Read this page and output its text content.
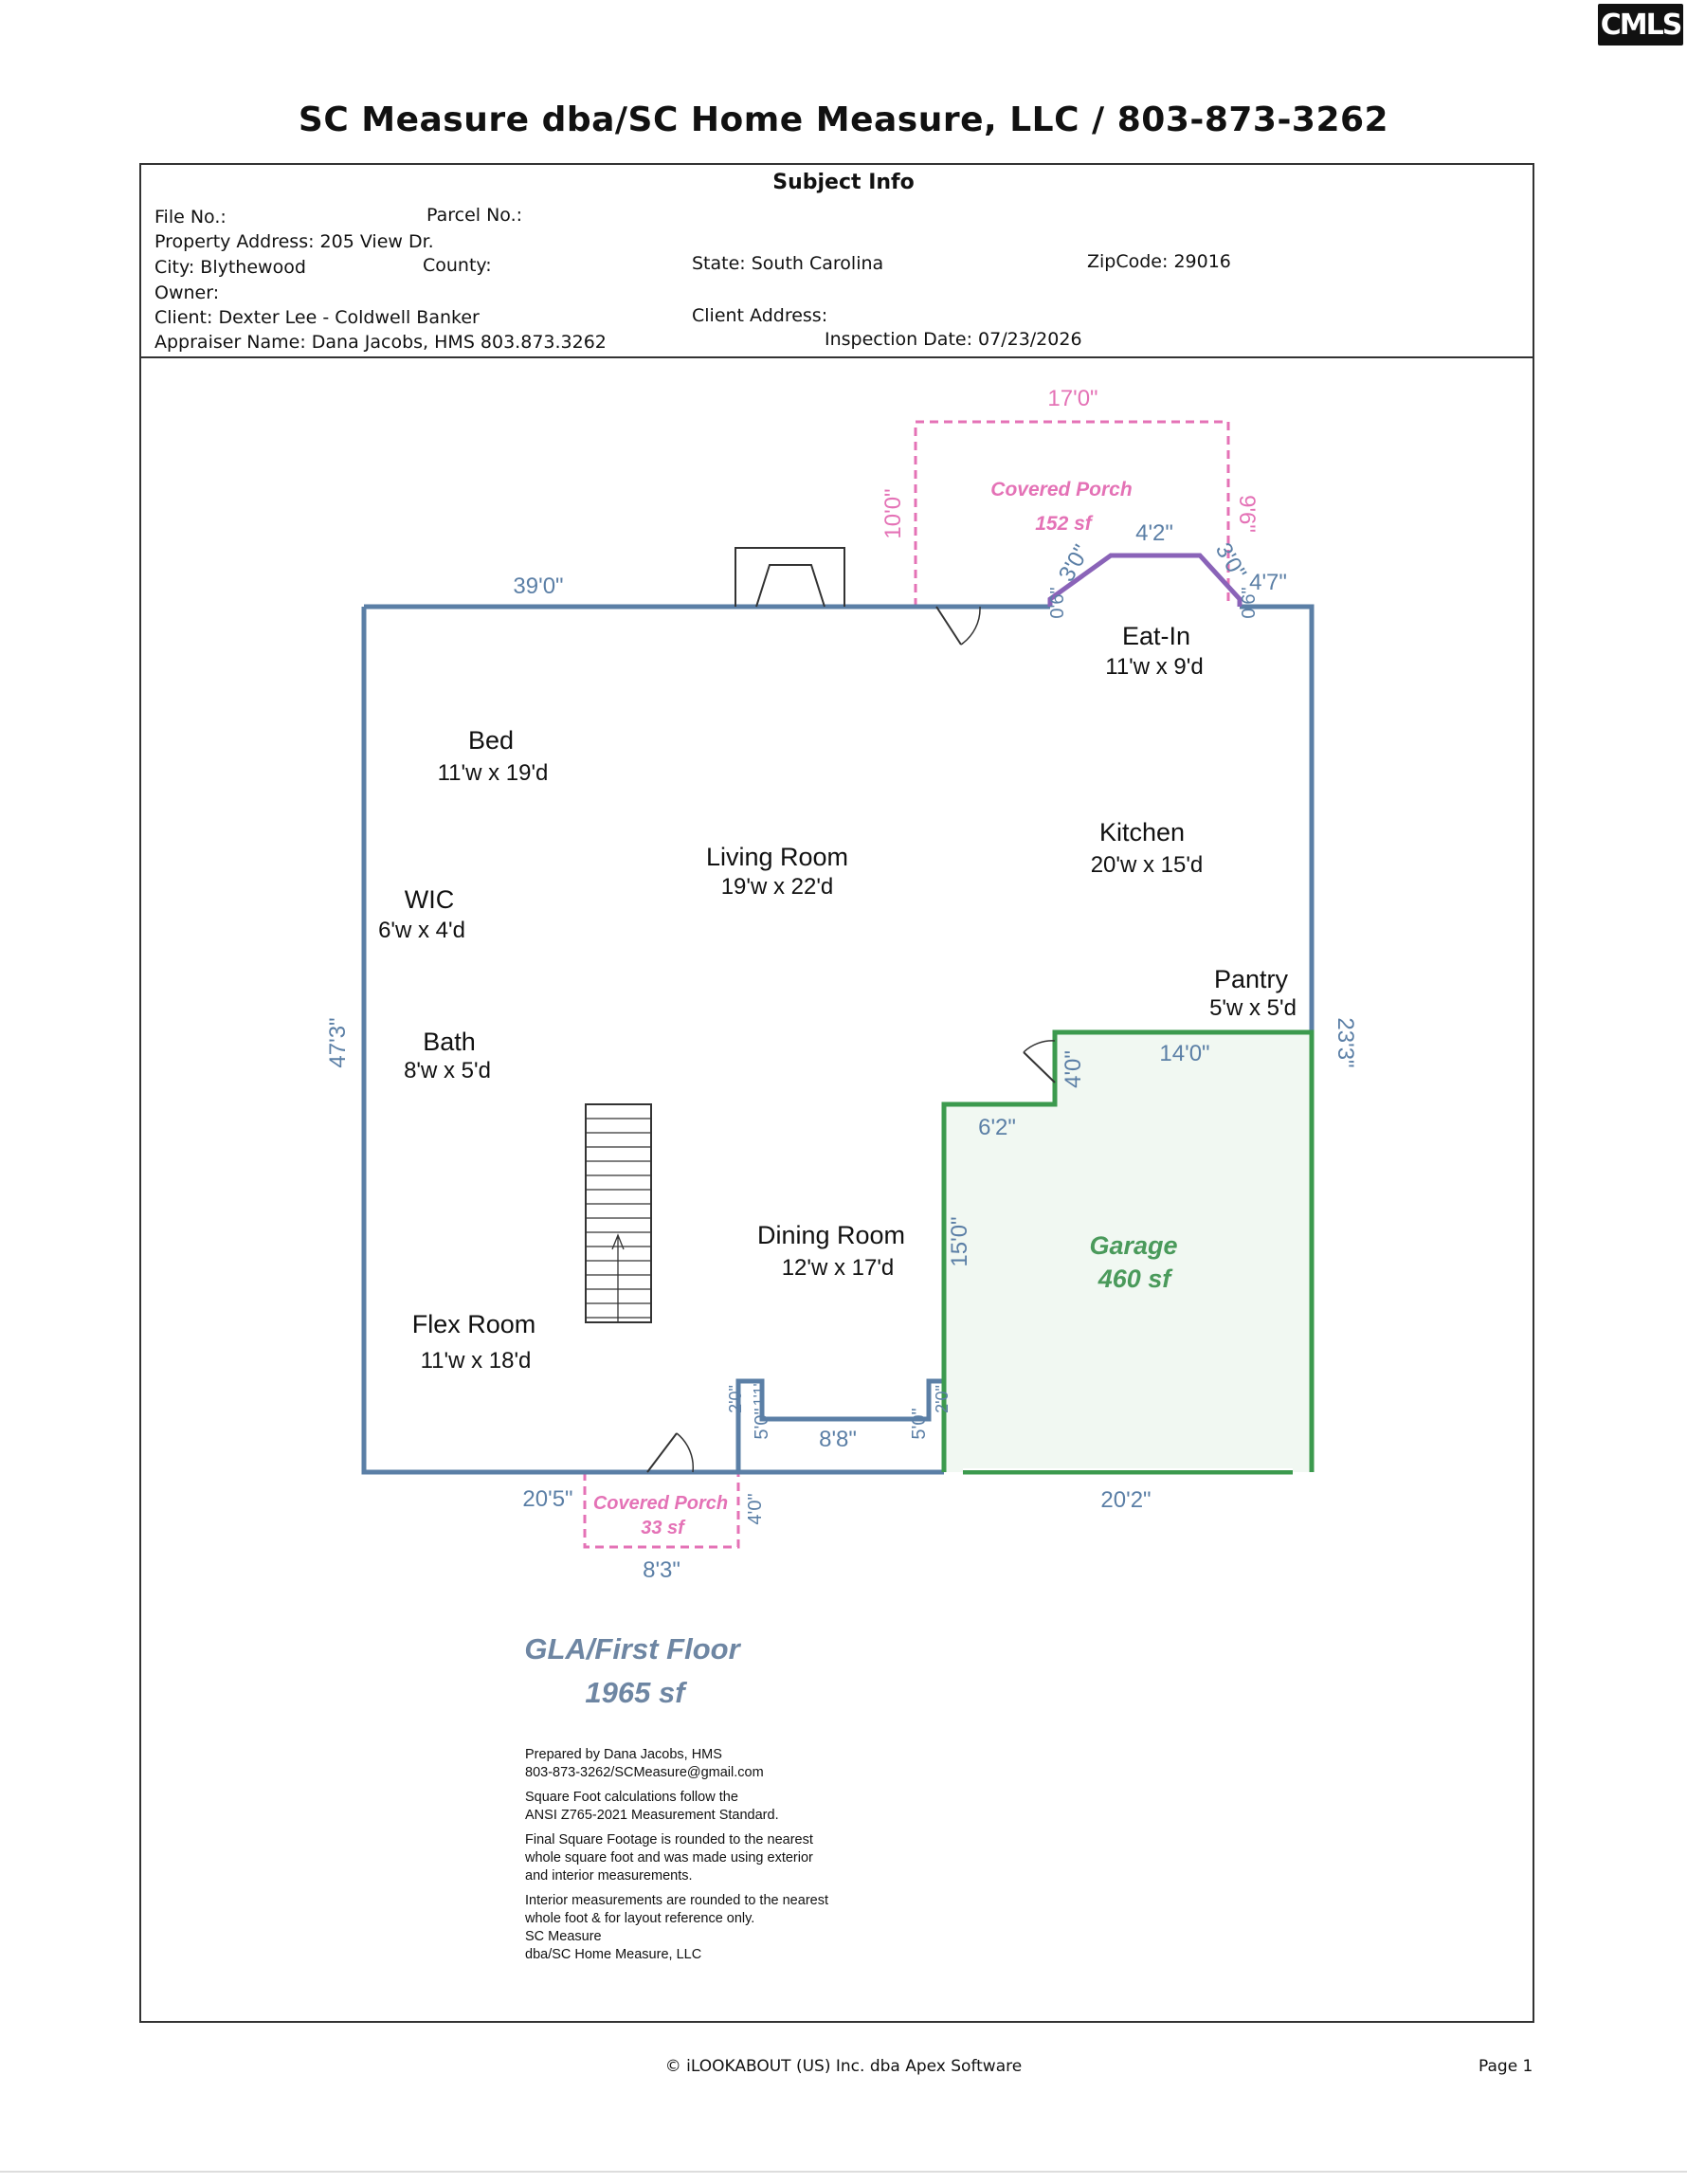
CMLS
SC Measure dba/SC Home Measure, LLC / 803-873-3262
Subject Info
File No.:	Parcel No.:
Property Address: 205 View Dr.
City: Blythewood	County:	State: South Carolina	ZipCode: 29016
Owner:
Client: Dexter Lee - Coldwell Banker	Client Address:
Appraiser Name: Dana Jacobs, HMS 803.873.3262	Inspection Date: 07/23/2026
39'0"
47'3"	23'3"
4'7"
4'2"
3'0"	3'0"
0'6"	0'6"
20'5"
8'8"
2'0"
5'0"
1'1"
5'0"
2'0"
4'0"
8'3"
20'2"
14'0"
6'2"
4'0"
15'0"
17'0"
10'0"	9'6"
Covered Porch
152 sf
Covered Porch
33 sf
Garage
460 sf
Bed
11'w x 19'd
Living Room
19'w x 22'd
WIC
6'w x 4'd
Bath
8'w x 5'd
Eat-In
11'w x 9'd
Kitchen
20'w x 15'd
Pantry
5'w x 5'd
Dining Room
12'w x 17'd
Flex Room
11'w x 18'd
GLA/First Floor
1965 sf
Prepared by Dana Jacobs, HMS
803-873-3262/SCMeasure@gmail.com

Square Foot calculations follow the
ANSI Z765-2021 Measurement Standard.

Final Square Footage is rounded to the nearest
whole square foot and was made using exterior
and interior measurements.

Interior measurements are rounded to the nearest
whole foot & for layout reference only.
SC Measure
dba/SC Home Measure, LLC
© iLOOKABOUT (US) Inc. dba Apex Software	Page 1
